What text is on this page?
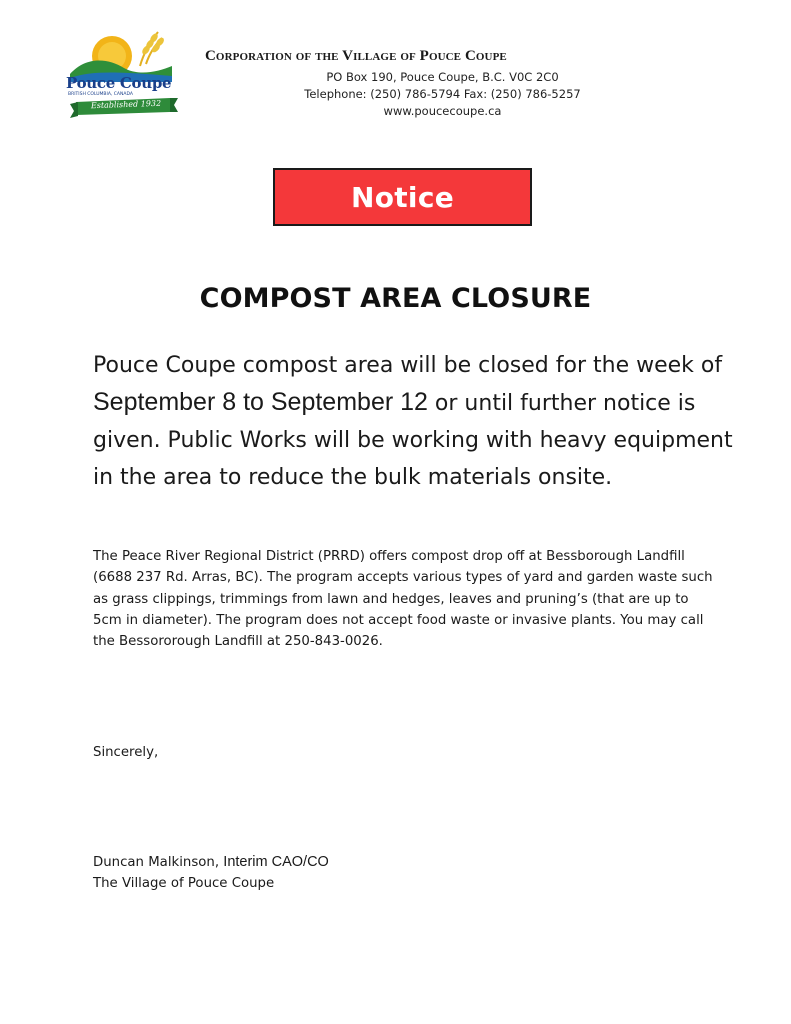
Pouce Coupe
BRITISH COLUMBIA, CANADA
Established 1932
Corporation of the Village of Pouce Coupe
PO Box 190, Pouce Coupe, B.C. V0C 2C0
Telephone: (250) 786-5794 Fax: (250) 786-5257
www.poucecoupe.ca
Notice
COMPOST AREA CLOSURE

Pouce Coupe compost area will be closed for the week of September 8 to September 12 or until further notice is given. Public Works will be working with heavy equipment in the area to reduce the bulk materials onsite.

The Peace River Regional District (PRRD) offers compost drop off at Bessborough Landfill (6688 237 Rd. Arras, BC). The program accepts various types of yard and garden waste such as grass clippings, trimmings from lawn and hedges, leaves and pruning’s (that are up to 5cm in diameter). The program does not accept food waste or invasive plants. You may call the Bessororough Landfill at 250-843-0026.

Sincerely,
Duncan Malkinson, Interim CAO/CO
The Village of Pouce Coupe
